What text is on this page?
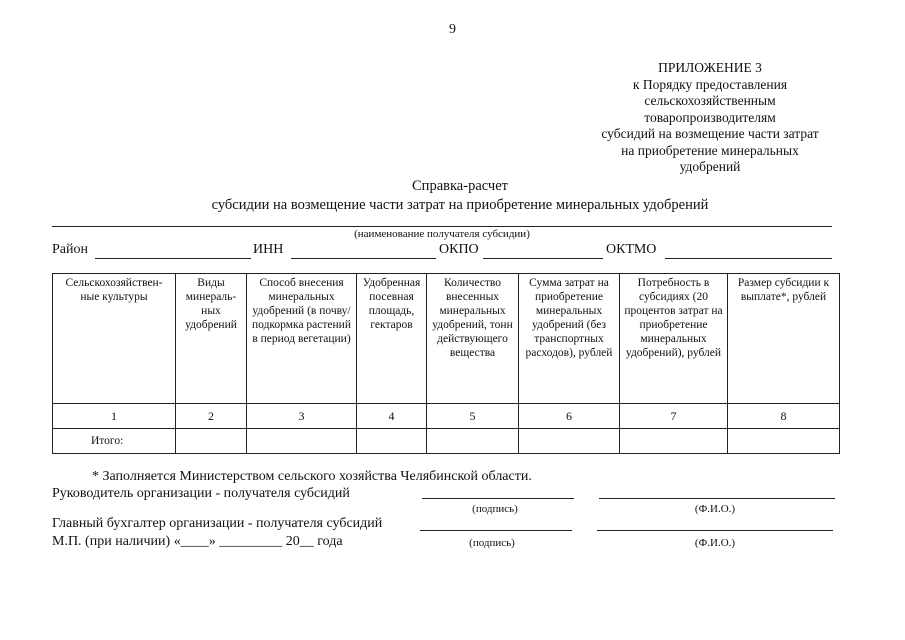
9
ПРИЛОЖЕНИЕ 3
к Порядку предоставления
сельскохозяйственным
товаропроизводителям
субсидий на возмещение части затрат
на приобретение минеральных
удобрений
Справка-расчет
субсидии на возмещение части затрат на приобретение минеральных удобрений
(наименование получателя субсидии)
Район	ИНН	ОКПО	ОКТМО
Сельскохозяйствен-ные культуры	Виды минераль-ных удобрений	Способ внесения минеральных удобрений (в почву/подкормка растений в период вегетации)	Удобренная посевная площадь, гектаров	Количество внесенных минеральных удобрений, тонн действующего вещества	Сумма затрат на приобретение минеральных удобрений (без транспортных расходов), рублей	Потребность в субсидиях (20 процентов затрат на приобретение минеральных удобрений), рублей	Размер субсидии к выплате*, рублей
1	2	3	4	5	6	7	8
Итого:							
* Заполняется Министерством сельского хозяйства Челябинской области.
Руководитель организации - получателя субсидий
(подпись)	(Ф.И.О.)
Главный бухгалтер организации - получателя субсидий
М.П. (при наличии) «____» _________ 20__ года	(подпись)	(Ф.И.О.)
